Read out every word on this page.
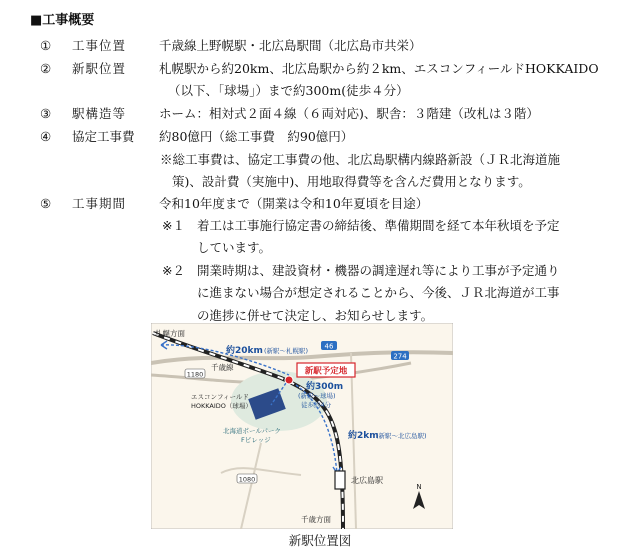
■工事概要
①	工事位置	千歳線上野幌駅・北広島駅間（北広島市共栄）
②	新駅位置	札幌駅から約20km、北広島駅から約２km、エスコンフィールドHOKKAIDO
（以下、「球場」）まで約300m(徒歩４分）
③	駅構造等	ホーム：相対式２面４線（６両対応)、駅舎：３階建（改札は３階）
④	協定工事費	約80億円（総工事費　約90億円）
※総工事費は、協定工事費の他、北広島駅構内線路新設（ＪＲ北海道施
策)、設計費（実施中)、用地取得費等を含んだ費用となります。
⑤	工事期間	令和10年度まで（開業は令和10年夏頃を目途）
※１ 着工は工事施行協定書の締結後、準備期間を経て本年秋頃を予定
しています。
※２ 開業時期は、建設資材・機器の調達遅れ等により工事が予定通り
に進まない場合が想定されることから、今後、ＪＲ北海道が工事
の進捗に併せて決定し、お知らせします。
46
274
1180
1080
札幌方面
千歳線
約20km (新駅～札幌駅)
新駅予定地
約300m
(新駅～球場)
徒歩約4分
エスコンフィールド
HOKKAIDO（球場）
北海道ボールパーク
Fビレッジ	約2km
(新駅～北広島駅)
北広島駅
千歳方面
N
新駅位置図
